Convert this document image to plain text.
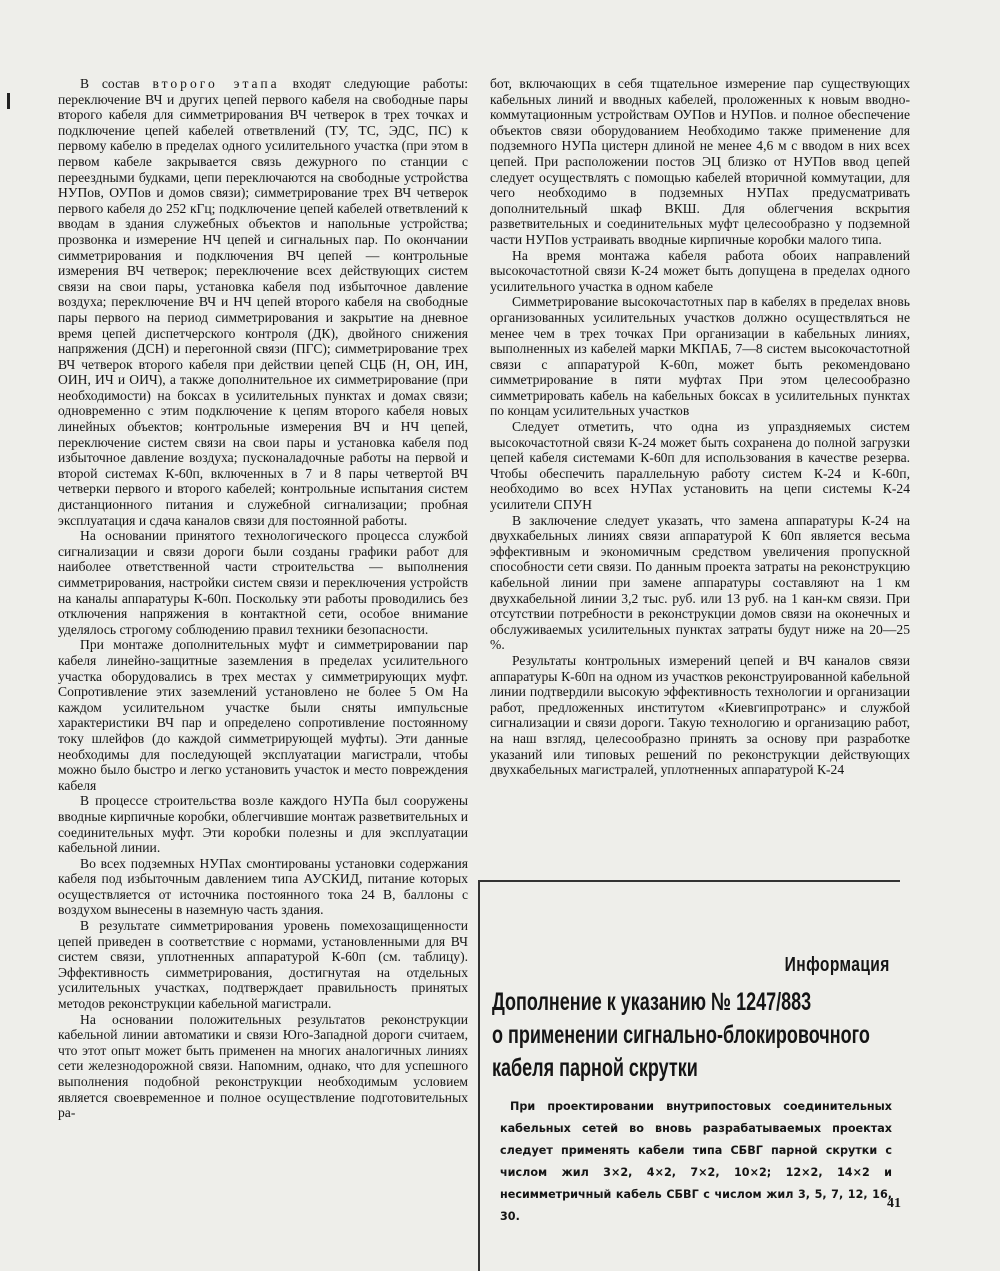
В состав второго этапа входят следующие работы: переключение ВЧ и других цепей первого кабеля на свободные пары второго кабеля для симметрирования ВЧ четверок в трех точках и подключение цепей кабелей ответвлений (ТУ, ТС, ЭДС, ПС) к первому кабелю в пределах одного усилительного участка (при этом в первом кабеле закрывается связь дежурного по станции с переездными будками, цепи переключаются на свободные устройства НУПов, ОУПов и домов связи); симметрирование трех ВЧ четверок первого кабеля до 252 кГц; подключение цепей кабелей ответвлений к вводам в здания служебных объектов и напольные устройства; прозвонка и измерение НЧ цепей и сигнальных пар. По окончании симметрирования и подключения ВЧ цепей — контрольные измерения ВЧ четверок; переключение всех действующих систем связи на свои пары, установка кабеля под избыточное давление воздуха; переключение ВЧ и НЧ цепей второго кабеля на свободные пары первого на период симметрирования и закрытие на дневное время цепей диспетчерского контроля (ДК), двойного снижения напряжения (ДСН) и перегонной связи (ПГС); симметрирование трех ВЧ четверок второго кабеля при действии цепей СЦБ (Н, ОН, ИН, ОИН, ИЧ и ОИЧ), а также дополнительное их симметрирование (при необходимости) на боксах в усилительных пунктах и домах связи; одновременно с этим подключение к цепям второго кабеля новых линейных объектов; контрольные измерения ВЧ и НЧ цепей, переключение систем связи на свои пары и установка кабеля под избыточное давление воздуха; пусконаладочные работы на первой и второй системах К-60п, включенных в 7 и 8 пары четвертой ВЧ четверки первого и второго кабелей; контрольные испытания систем дистанционного питания и служебной сигнализации; пробная эксплуатация и сдача каналов связи для постоянной работы.

На основании принятого технологического процесса службой сигнализации и связи дороги были созданы графики работ для наиболее ответственной части строительства — выполнения симметрирования, настройки систем связи и переключения устройств на каналы аппаратуры К-60п. Поскольку эти работы проводились без отключения напряжения в контактной сети, особое внимание уделялось строгому соблюдению правил техники безопасности.

При монтаже дополнительных муфт и симметрировании пар кабеля линейно-защитные заземления в пределах усилительного участка оборудовались в трех местах у симметрирующих муфт. Сопротивление этих заземлений установлено не более 5 Ом На каждом усилительном участке были сняты импульсные характеристики ВЧ пар и определено сопротивление постоянному току шлейфов (до каждой симметрирующей муфты). Эти данные необходимы для последующей эксплуатации магистрали, чтобы можно было быстро и легко установить участок и место повреждения кабеля

В процессе строительства возле каждого НУПа был сооружены вводные кирпичные коробки, облегчившие монтаж разветвительных и соединительных муфт. Эти коробки полезны и для эксплуатации кабельной линии.

Во всех подземных НУПах смонтированы установки содержания кабеля под избыточным давлением типа АУСКИД, питание которых осуществляется от источника постоянного тока 24 В, баллоны с воздухом вынесены в наземную часть здания.

В результате симметрирования уровень помехозащищенности цепей приведен в соответствие с нормами, установленными для ВЧ систем связи, уплотненных аппаратурой К-60п (см. таблицу). Эффективность симметрирования, достигнутая на отдельных усилительных участках, подтверждает правильность принятых методов реконструкции кабельной магистрали.

На основании положительных результатов реконструкции кабельной линии автоматики и связи Юго-Западной дороги считаем, что этот опыт может быть применен на многих аналогичных линиях сети железнодорожной связи. Напомним, однако, что для успешного выполнения подобной реконструкции необходимым условием является своевременное и полное осуществление подготовительных ра-

бот, включающих в себя тщательное измерение пар существующих кабельных линий и вводных кабелей, проложенных к новым вводно-коммутационным устройствам ОУПов и НУПов. и полное обеспечение объектов связи оборудованием Необходимо также применение для подземного НУПа цистерн длиной не менее 4,6 м с вводом в них всех цепей. При расположении постов ЭЦ близко от НУПов ввод цепей следует осуществлять с помощью кабелей вторичной коммутации, для чего необходимо в подземных НУПах предусматривать дополнительный шкаф ВКШ. Для облегчения вскрытия разветвительных и соединительных муфт целесообразно у подземной части НУПов устраивать вводные кирпичные коробки малого типа.

На время монтажа кабеля работа обоих направлений высокочастотной связи К-24 может быть допущена в пределах одного усилительного участка в одном кабеле

Симметрирование высокочастотных пар в кабелях в пределах вновь организованных усилительных участков должно осуществляться не менее чем в трех точках При организации в кабельных линиях, выполненных из кабелей марки МКПАБ, 7—8 систем высокочастотной связи с аппаратурой К-60п, может быть рекомендовано симметрирование в пяти муфтах При этом целесообразно симметрировать кабель на кабельных боксах в усилительных пунктах по концам усилительных участков

Следует отметить, что одна из упраздняемых систем высокочастотной связи К-24 может быть сохранена до полной загрузки цепей кабеля системами К-60п для использования в качестве резерва. Чтобы обеспечить параллельную работу систем К-24 и К-60п, необходимо во всех НУПах установить на цепи системы К-24 усилители СПУН

В заключение следует указать, что замена аппаратуры К-24 на двухкабельных линиях связи аппаратурой К 60п является весьма эффективным и экономичным средством увеличения пропускной способности сети связи. По данным проекта затраты на реконструкцию кабельной линии при замене аппаратуры составляют на 1 км двухкабельной линии 3,2 тыс. руб. или 13 руб. на 1 кан-км связи. При отсутствии потребности в реконструкции домов связи на оконечных и обслуживаемых усилительных пунктах затраты будут ниже на 20—25 %.

Результаты контрольных измерений цепей и ВЧ каналов связи аппаратуры К-60п на одном из участков реконструированной кабельной линии подтвердили высокую эффективность технологии и организации работ, предложенных институтом «Киевгипротранс» и службой сигнализации и связи дороги. Такую технологию и организацию работ, на наш взгляд, целесообразно принять за основу при разработке указаний или типовых решений по реконструкции действующих двухкабельных магистралей, уплотненных аппаратурой К-24

Информация
Дополнение к указанию № 1247/883
о применении сигнально-блокировочного
кабеля парной скрутки

При проектировании внутрипостовых соединительных кабельных сетей во вновь разрабатываемых проектах следует применять кабели типа СБВГ парной скрутки с числом жил 3×2, 4×2, 7×2, 10×2; 12×2, 14×2 и несимметричный кабель СБВГ с числом жил 3, 5, 7, 12, 16, 30.

41
